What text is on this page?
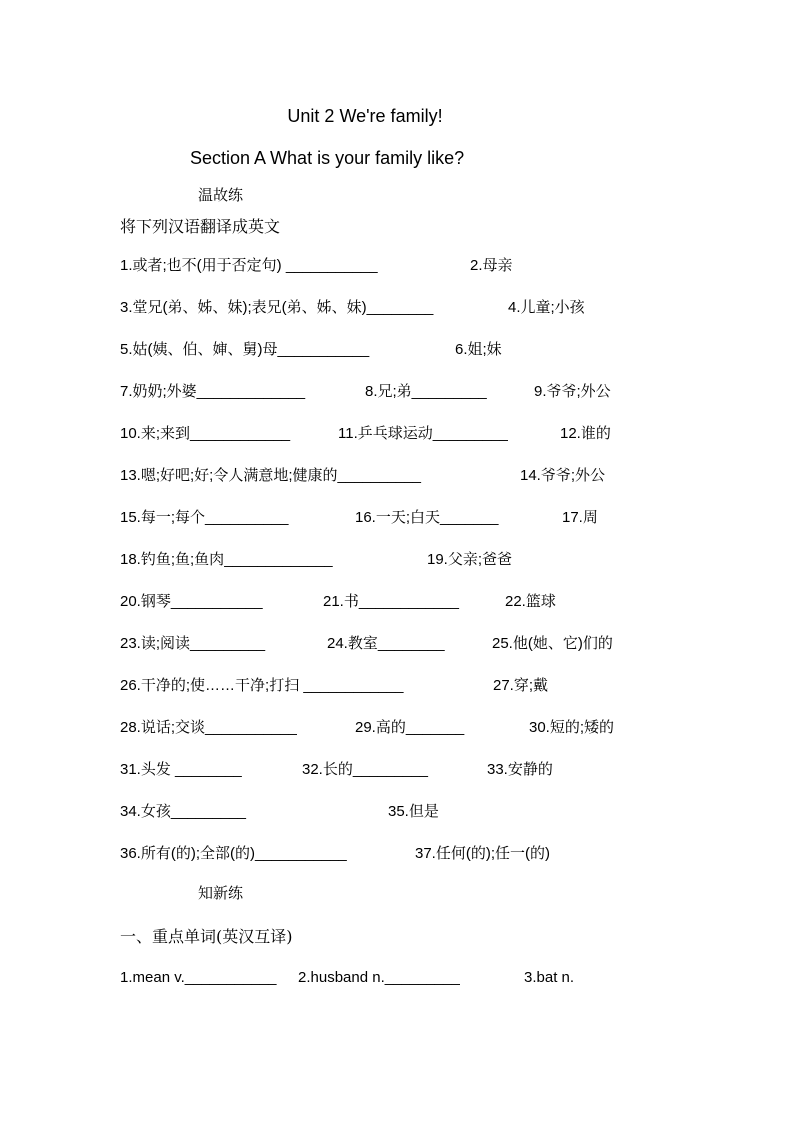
Unit 2 We're family!
Section A What is your family like?
温故练
将下列汉语翻译成英文
1.或者;也不(用于否定句) ___________	2.母亲
3.堂兄(弟、姊、妹);表兄(弟、姊、妹)________	4.儿童;小孩
5.姑(姨、伯、婶、舅)母___________	6.姐;妹
7.奶奶;外婆_____________	8.兄;弟_________	9.爷爷;外公
10.来;来到____________	11.乒乓球运动_________	12.谁的
13.嗯;好吧;好;令人满意地;健康的__________	14.爷爷;外公
15.每一;每个__________	16.一天;白天_______	17.周
18.钓鱼;鱼;鱼肉_____________	19.父亲;爸爸
20.钢琴___________	21.书____________	22.篮球
23.读;阅读_________	24.教室________	25.他(她、它)们的
26.干净的;使……干净;打扫 ____________	27.穿;戴
28.说话;交谈___________	29.高的_______	30.短的;矮的
31.头发 ________	32.长的_________	33.安静的
34.女孩_________	35.但是
36.所有(的);全部(的)___________	37.任何(的);任一(的)
知新练
一、重点单词(英汉互译)
1.mean v.___________ 2.husband n._________	3.bat n.
